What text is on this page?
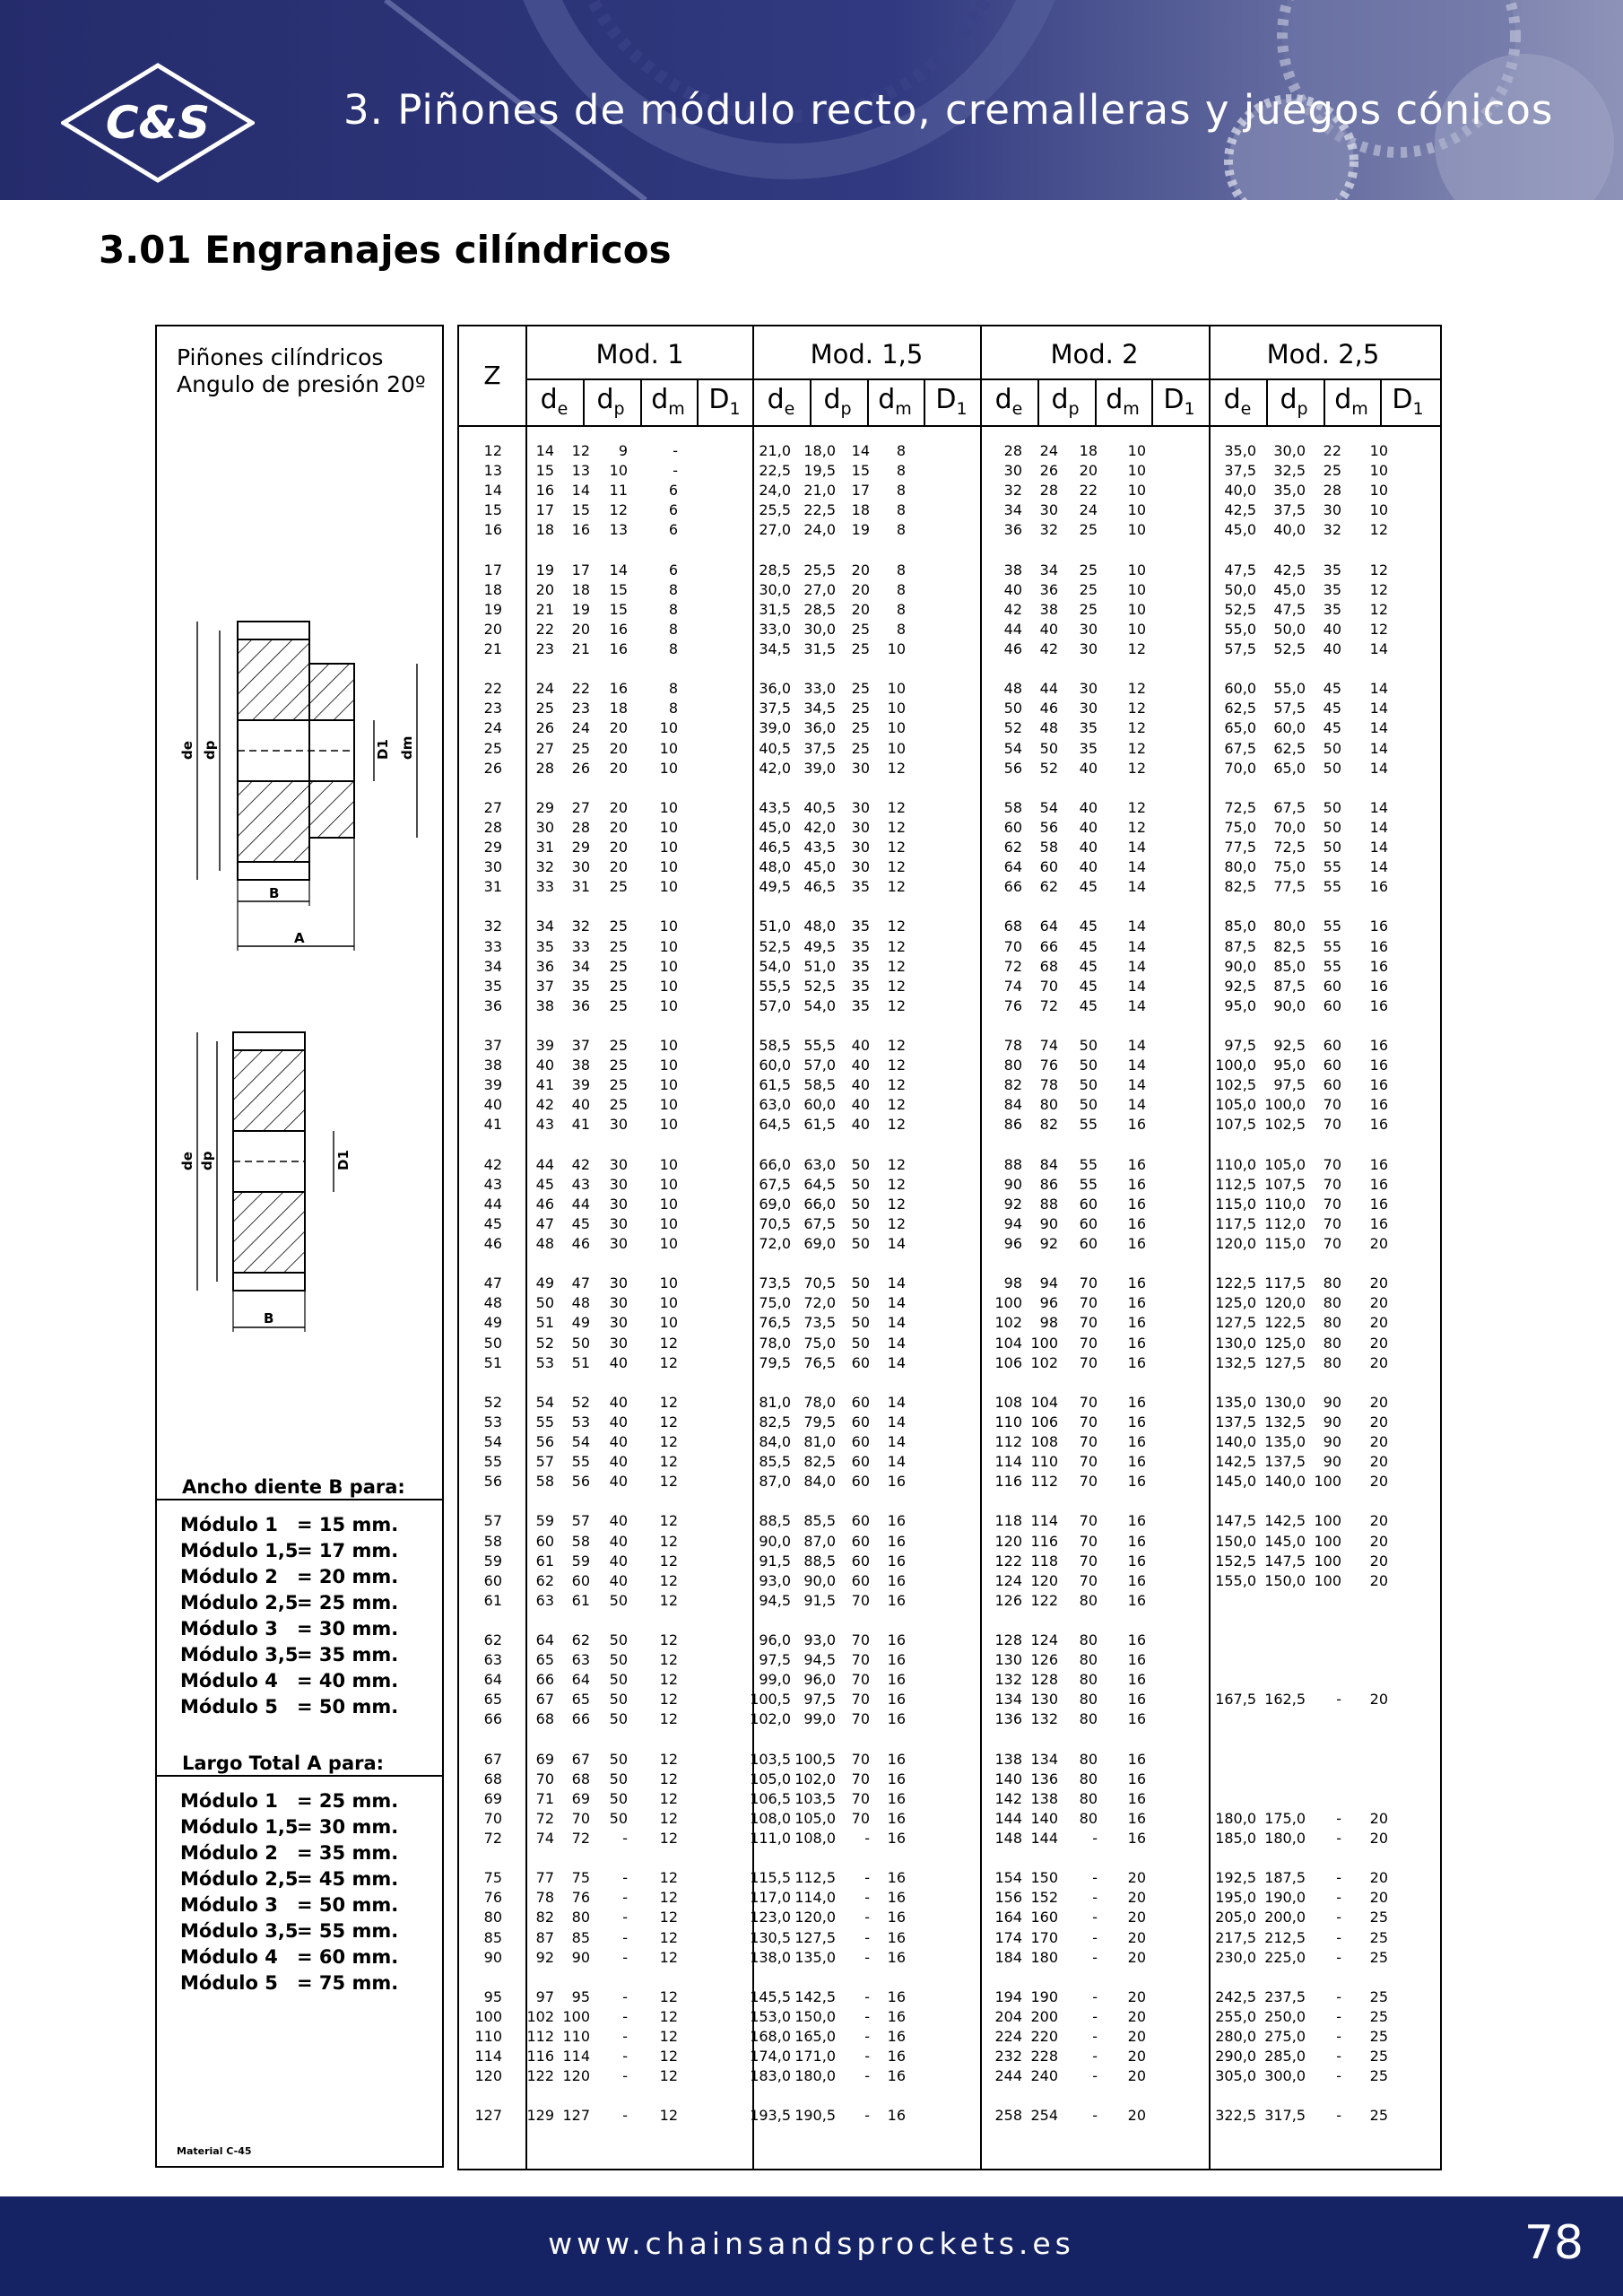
C&S	3. Piñones de módulo recto, cremalleras y juegos cónicos
3.01 Engranajes cilíndricos
Piñones cilíndricos
Angulo de presión 20º
Ancho diente B para:
Módulo 1 = 15 mm.
Módulo 1,5= 17 mm.
Módulo 2 = 20 mm.
Módulo 2,5= 25 mm.
Módulo 3 = 30 mm.
Módulo 3,5= 35 mm.
Módulo 4 = 40 mm.
Módulo 5 = 50 mm.
Largo Total A para:
Módulo 1 = 25 mm.
Módulo 1,5= 30 mm.
Módulo 2 = 35 mm.
Módulo 2,5= 45 mm.
Módulo 3 = 50 mm.
Módulo 3,5= 55 mm.
Módulo 4 = 60 mm.
Módulo 5 = 75 mm.
Material C-45
de dp	dm
D1
B
A
de dp	D1
B
Z
Mod. 1	Mod. 1,5	Mod. 2	Mod. 2,5
$d_e$	$d_p$ $d_m$ $D_1$	$d_e$	$d_p$ $d_m$ $D_1$	$d_e$	$d_p$ $d_m$ $D_1$	$d_e$	$d_p$ $d_m$ $D_1$
12 14 12 9	-	21,0 18,0 14 8	28 24 18 10	35,0 30,0 22 10
13 15 13 10	-	22,5 19,5 15 8	30 26 20 10	37,5 32,5 25 10
14 16 14 11	6	24,0 21,0 17 8	32 28 22 10	40,0 35,0 28 10
15 17 15 12	6	25,5 22,5 18 8	34 30 24 10	42,5 37,5 30 10
16 18 16 13	6	27,0 24,0 19 8	36 32 25 10	45,0 40,0 32 12
17 19 17 14	6	28,5 25,5 20 8	38 34 25 10	47,5 42,5 35 12
18 20 18 15	8	30,0 27,0 20 8	40 36 25 10	50,0 45,0 35 12
19 21 19 15	8	31,5 28,5 20 8	42 38 25 10	52,5 47,5 35 12
20 22 20 16	8	33,0 30,0 25 8	44 40 30 10	55,0 50,0 40 12
21 23 21 16	8	34,5 31,5 25 10	46 42 30 12	57,5 52,5 40 14
22 24 22 16	8	36,0 33,0 25 10	48 44 30 12	60,0 55,0 45 14
23 25 23 18	8	37,5 34,5 25 10	50 46 30 12	62,5 57,5 45 14
24 26 24 20 10	39,0 36,0 25 10	52 48 35 12	65,0 60,0 45 14
25 27 25 20 10	40,5 37,5 25 10	54 50 35 12	67,5 62,5 50 14
26 28 26 20 10	42,0 39,0 30 12	56 52 40 12	70,0 65,0 50 14
27 29 27 20 10	43,5 40,5 30 12	58 54 40 12	72,5 67,5 50 14
28 30 28 20 10	45,0 42,0 30 12	60 56 40 12	75,0 70,0 50 14
29 31 29 20 10	46,5 43,5 30 12	62 58 40 14	77,5 72,5 50 14
30 32 30 20 10	48,0 45,0 30 12	64 60 40 14	80,0 75,0 55 14
31 33 31 25 10	49,5 46,5 35 12	66 62 45 14	82,5 77,5 55 16
32 34 32 25 10	51,0 48,0 35 12	68 64 45 14	85,0 80,0 55 16
33 35 33 25 10	52,5 49,5 35 12	70 66 45 14	87,5 82,5 55 16
34 36 34 25 10	54,0 51,0 35 12	72 68 45 14	90,0 85,0 55 16
35 37 35 25 10	55,5 52,5 35 12	74 70 45 14	92,5 87,5 60 16
36 38 36 25 10	57,0 54,0 35 12	76 72 45 14	95,0 90,0 60 16
37 39 37 25 10	58,5 55,5 40 12	78 74 50 14	97,5 92,5 60 16
38 40 38 25 10	60,0 57,0 40 12	80 76 50 14	100,0 95,0 60 16
39 41 39 25 10	61,5 58,5 40 12	82 78 50 14	102,5 97,5 60 16
40 42 40 25 10	63,0 60,0 40 12	84 80 50 14	105,0 100,0 70 16
41 43 41 30 10	64,5 61,5 40 12	86 82 55 16	107,5 102,5 70 16
42 44 42 30 10	66,0 63,0 50 12	88 84 55 16	110,0 105,0 70 16
43 45 43 30 10	67,5 64,5 50 12	90 86 55 16	112,5 107,5 70 16
44 46 44 30 10	69,0 66,0 50 12	92 88 60 16	115,0 110,0 70 16
45 47 45 30 10	70,5 67,5 50 12	94 90 60 16	117,5 112,0 70 16
46 48 46 30 10	72,0 69,0 50 14	96 92 60 16	120,0 115,0 70 20
47 49 47 30 10	73,5 70,5 50 14	98 94 70 16	122,5 117,5 80 20
48 50 48 30 10	75,0 72,0 50 14	100 96 70 16	125,0 120,0 80 20
49 51 49 30 10	76,5 73,5 50 14	102 98 70 16	127,5 122,5 80 20
50 52 50 30 12	78,0 75,0 50 14	104 100 70 16	130,0 125,0 80 20
51 53 51 40 12	79,5 76,5 60 14	106 102 70 16	132,5 127,5 80 20
52 54 52 40 12	81,0 78,0 60 14	108 104 70 16	135,0 130,0 90 20
53 55 53 40 12	82,5 79,5 60 14	110 106 70 16	137,5 132,5 90 20
54 56 54 40 12	84,0 81,0 60 14	112 108 70 16	140,0 135,0 90 20
55 57 55 40 12	85,5 82,5 60 14	114 110 70 16	142,5 137,5 90 20
56 58 56 40 12	87,0 84,0 60 16	116 112 70 16	145,0 140,0 100 20
57 59 57 40 12	88,5 85,5 60 16	118 114 70 16	147,5 142,5 100 20
58 60 58 40 12	90,0 87,0 60 16	120 116 70 16	150,0 145,0 100 20
59 61 59 40 12	91,5 88,5 60 16	122 118 70 16	152,5 147,5 100 20
60 62 60 40 12	93,0 90,0 60 16	124 120 70 16	155,0 150,0 100 20
61 63 61 50 12	94,5 91,5 70 16	126 122 80 16
62 64 62 50 12	96,0 93,0 70 16	128 124 80 16
63 65 63 50 12	97,5 94,5 70 16	130 126 80 16
64 66 64 50 12	99,0 96,0 70 16	132 128 80 16
65 67 65 50 12	100,5 97,5 70 16	134 130 80 16	167,5 162,5 - 20
66 68 66 50 12	102,0 99,0 70 16	136 132 80 16
67 69 67 50 12	103,5 100,5 70 16	138 134 80 16
68 70 68 50 12	105,0 102,0 70 16	140 136 80 16
69 71 69 50 12	106,5 103,5 70 16	142 138 80 16
70 72 70 50 12	108,0 105,0 70 16	144 140 80 16	180,0 175,0 - 20
72 74 72 - 12	111,0 108,0 - 16	148 144 - 16	185,0 180,0 - 20
75 77 75 - 12	115,5 112,5 - 16	154 150 - 20	192,5 187,5 - 20
76 78 76 - 12	117,0 114,0 - 16	156 152 - 20	195,0 190,0 - 20
80 82 80 - 12	123,0 120,0 - 16	164 160 - 20	205,0 200,0 - 25
85 87 85 - 12	130,5 127,5 - 16	174 170 - 20	217,5 212,5 - 25
90 92 90 - 12	138,0 135,0 - 16	184 180 - 20	230,0 225,0 - 25
95 97 95 - 12	145,5 142,5 - 16	194 190 - 20	242,5 237,5 - 25
100 102 100 - 12	153,0 150,0 - 16	204 200 - 20	255,0 250,0 - 25
110 112 110 - 12	168,0 165,0 - 16	224 220 - 20	280,0 275,0 - 25
114 116 114 - 12	174,0 171,0 - 16	232 228 - 20	290,0 285,0 - 25
120 122 120 - 12	183,0 180,0 - 16	244 240 - 20	305,0 300,0 - 25
127 129 127 - 12	193,5 190,5 - 16	258 254 - 20	322,5 317,5 - 25
www.chainsandsprockets.es	78
